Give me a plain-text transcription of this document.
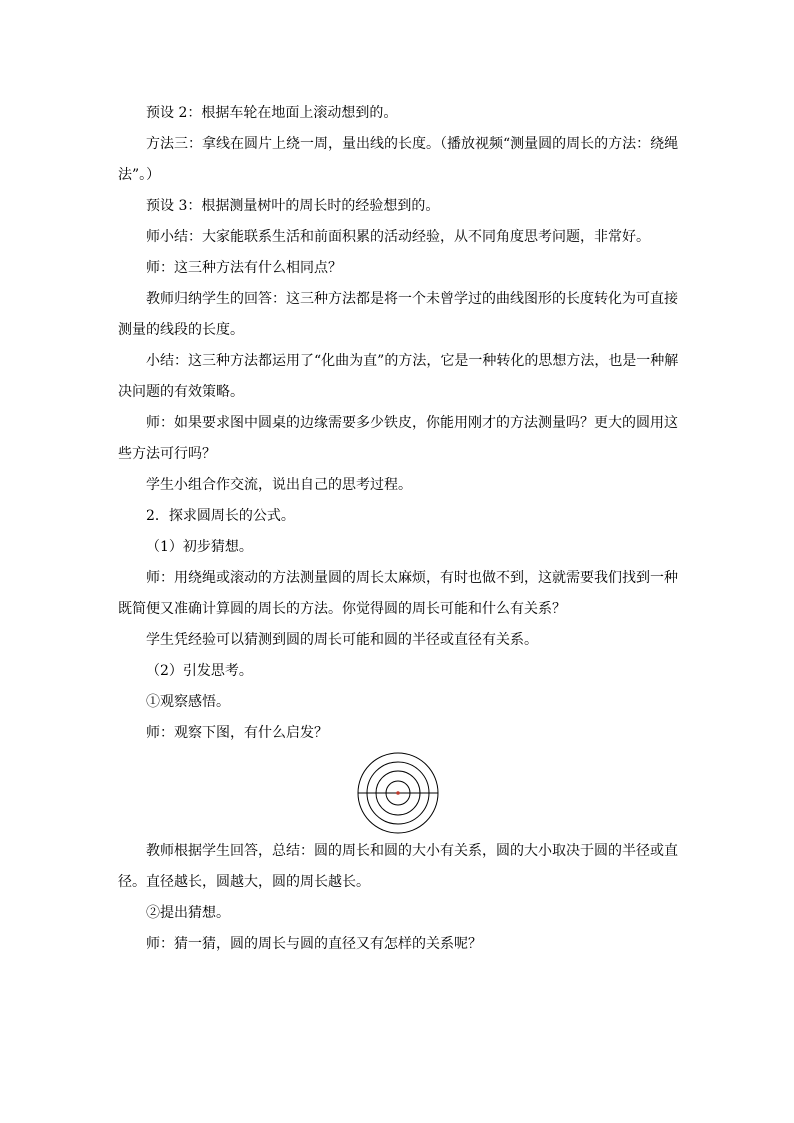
预设 2：根据车轮在地面上滚动想到的。

方法三：拿线在圆片上绕一周，量出线的长度。（播放视频“测量圆的周长的方法：绕绳法”。）

预设 3：根据测量树叶的周长时的经验想到的。

师小结：大家能联系生活和前面积累的活动经验，从不同角度思考问题，非常好。

师：这三种方法有什么相同点？

教师归纳学生的回答：这三种方法都是将一个未曾学过的曲线图形的长度转化为可直接测量的线段的长度。

小结：这三种方法都运用了“化曲为直”的方法，它是一种转化的思想方法，也是一种解决问题的有效策略。

师：如果要求图中圆桌的边缘需要多少铁皮，你能用刚才的方法测量吗？更大的圆用这些方法可行吗？

学生小组合作交流，说出自己的思考过程。

2．探求圆周长的公式。

（1）初步猜想。

师：用绕绳或滚动的方法测量圆的周长太麻烦，有时也做不到，这就需要我们找到一种既简便又准确计算圆的周长的方法。你觉得圆的周长可能和什么有关系？

学生凭经验可以猜测到圆的周长可能和圆的半径或直径有关系。

（2）引发思考。

①观察感悟。

师：观察下图，有什么启发？

教师根据学生回答，总结：圆的周长和圆的大小有关系，圆的大小取决于圆的半径或直径。直径越长，圆越大，圆的周长越长。

②提出猜想。

师：猜一猜，圆的周长与圆的直径又有怎样的关系呢？
